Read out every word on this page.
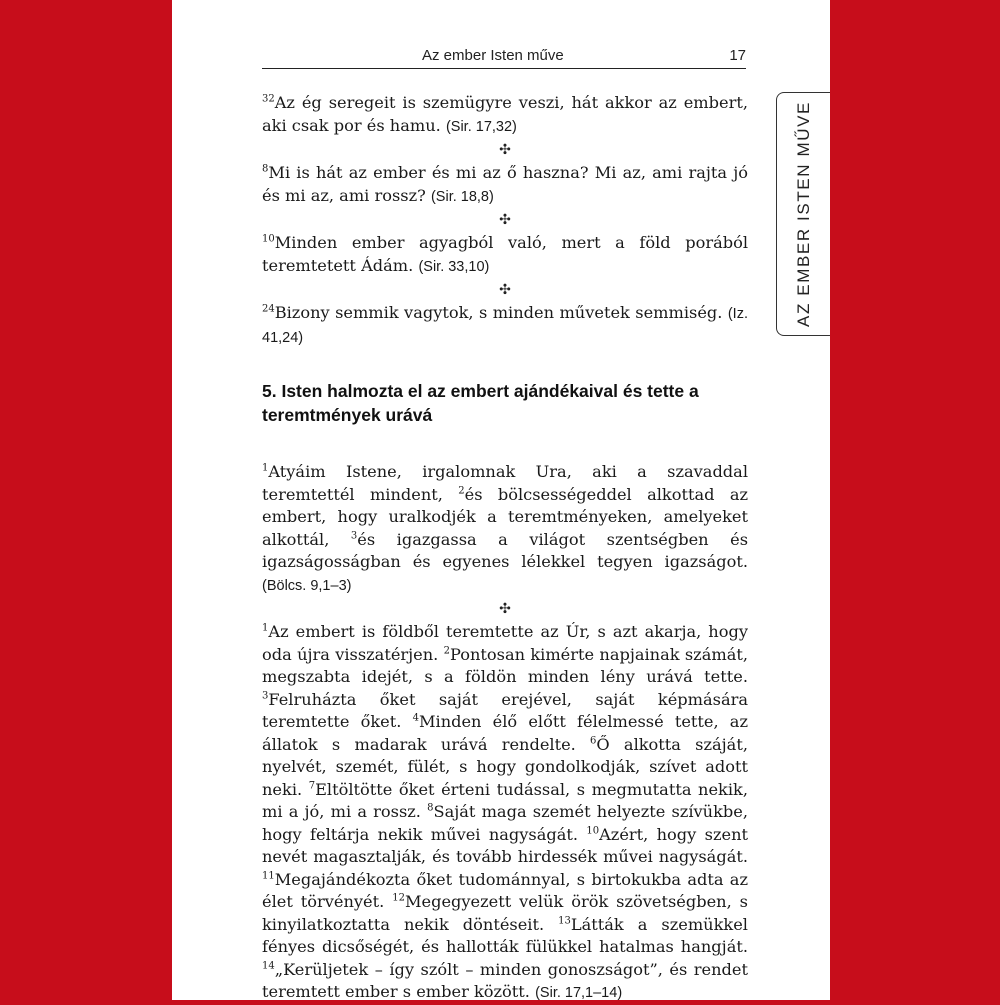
Az ember Isten műve	17
AZ EMBER ISTEN MŰVE

$^{32}$Az ég seregeit is szemügyre veszi, hát akkor az embert, aki csak por és hamu. (Sir. 17,32)

✣

$^8$Mi is hát az ember és mi az ő haszna? Mi az, ami rajta jó és mi az, ami rossz? (Sir. 18,8)

✣

$^{10}$Minden ember agyagból való, mert a föld porából teremtetett Ádám. (Sir. 33,10)

✣

$^{24}$Bizony semmik vagytok, s minden művetek semmiség. (Iz. 41,24)

5. Isten halmozta el az embert ajándékaival és tette a teremtmények urává

$^1$Atyáim Istene, irgalomnak Ura, aki a szavaddal teremtettél mindent, $^2$és bölcsességeddel alkottad az embert, hogy uralkodjék a teremtményeken, amelyeket alkottál, $^3$és igazgassa a világot szentségben és igazságosságban és egyenes lélekkel tegyen igazságot. (Bölcs. 9,1–3)

✣

$^1$Az embert is földből teremtette az Úr, s azt akarja, hogy oda újra visszatérjen. $^2$Pontosan kimérte napjainak számát, megszabta idejét, s a földön minden lény urává tette. $^3$Felruházta őket saját erejével, saját képmására teremtette őket. $^4$Minden élő előtt félelmessé tette, az állatok s madarak urává rendelte. $^6$Ő alkotta száját, nyelvét, szemét, fülét, s hogy gondolkodják, szívet adott neki. $^7$Eltöltötte őket érteni tudással, s megmutatta nekik, mi a jó, mi a rossz. $^8$Saját maga szemét helyezte szívükbe, hogy feltárja nekik művei nagyságát. $^{10}$Azért, hogy szent nevét magasztalják, és tovább hirdessék művei nagyságát. $^{11}$Megajándékozta őket tudománnyal, s birtokukba adta az élet törvényét. $^{12}$Megegyezett velük örök szövetségben, s kinyilatkoztatta nekik döntéseit. $^{13}$Látták a szemükkel fényes dicsőségét, és hallották fülükkel hatalmas hangját. $^{14}$„Kerüljetek – így szólt – minden gonoszságot”, és rendet teremtett ember s ember között. (Sir. 17,1–14)
